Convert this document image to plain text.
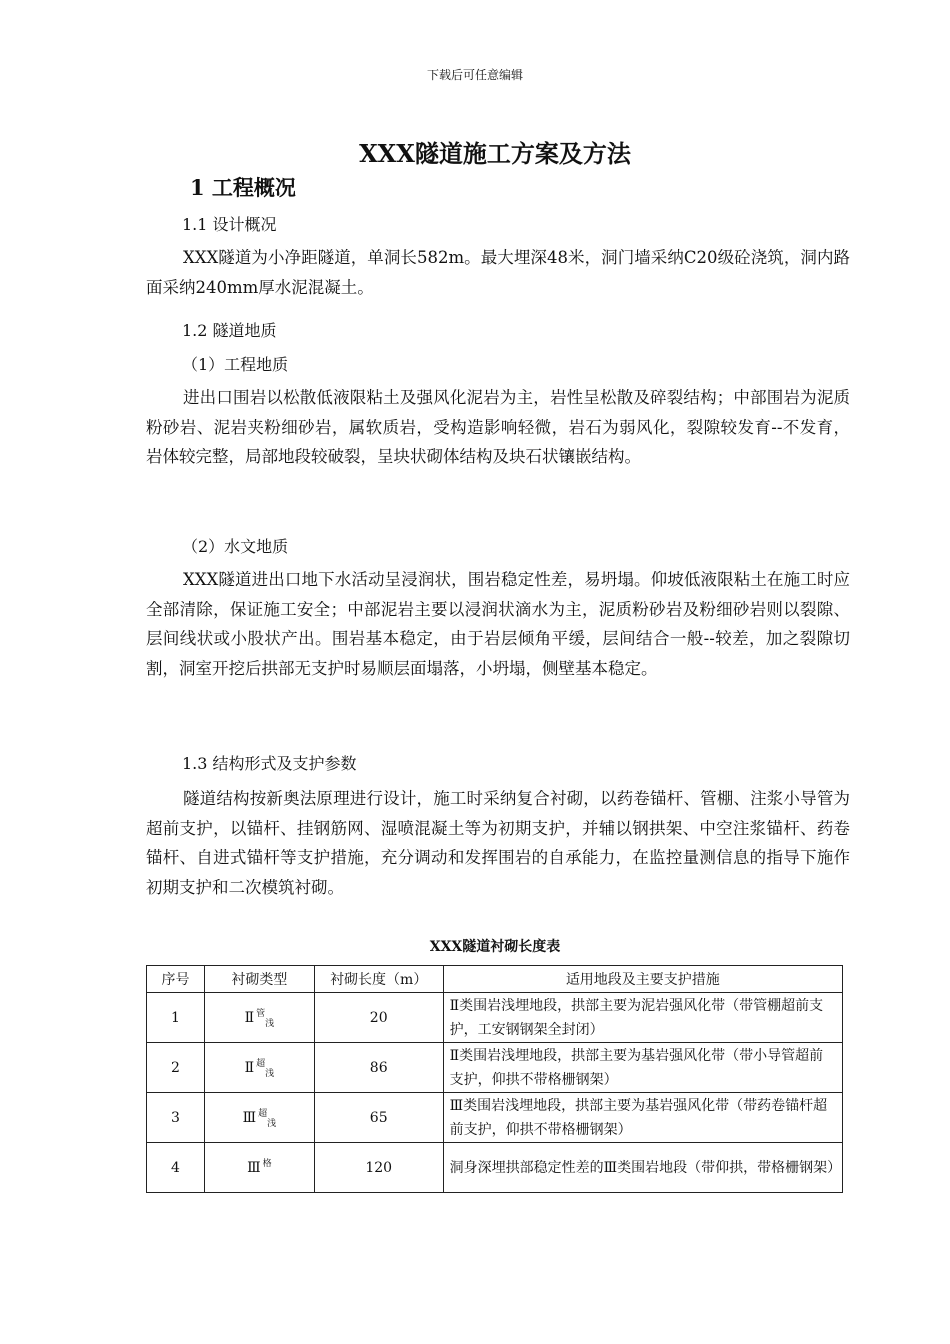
下载后可任意编辑
XXX隧道施工方案及方法
1 工程概况
1.1 设计概况
XXX隧道为小净距隧道，单洞长582m。最大埋深48米，洞门墙采纳C20级砼浇筑，洞内路面采纳240mm厚水泥混凝土。
1.2 隧道地质
（1）工程地质
进出口围岩以松散低液限粘土及强风化泥岩为主，岩性呈松散及碎裂结构；中部围岩为泥质粉砂岩、泥岩夹粉细砂岩，属软质岩，受构造影响轻微，岩石为弱风化，裂隙较发育--不发育，岩体较完整，局部地段较破裂，呈块状砌体结构及块石状镶嵌结构。
（2）水文地质
XXX隧道进出口地下水活动呈浸润状，围岩稳定性差，易坍塌。仰坡低液限粘土在施工时应全部清除，保证施工安全；中部泥岩主要以浸润状滴水为主，泥质粉砂岩及粉细砂岩则以裂隙、层间线状或小股状产出。围岩基本稳定，由于岩层倾角平缓，层间结合一般--较差，加之裂隙切割，洞室开挖后拱部无支护时易顺层面塌落，小坍塌，侧壁基本稳定。
1.3 结构形式及支护参数
隧道结构按新奥法原理进行设计，施工时采纳复合衬砌，以药卷锚杆、管棚、注浆小导管为超前支护，以锚杆、挂钢筋网、湿喷混凝土等为初期支护，并辅以钢拱架、中空注浆锚杆、药卷锚杆、自进式锚杆等支护措施，充分调动和发挥围岩的自承能力，在监控量测信息的指导下施作初期支护和二次模筑衬砌。
XXX隧道衬砌长度表
序号	衬砌类型	衬砌长度（m）	适用地段及主要支护措施
1	Ⅱ $^管_浅$	20	Ⅱ类围岩浅埋地段，拱部主要为泥岩强风化带（带管棚超前支护，工安钢钢架全封闭）
2	Ⅱ $^超_浅$	86	Ⅱ类围岩浅埋地段，拱部主要为基岩强风化带（带小导管超前支护，仰拱不带格栅钢架）
3	Ⅲ $^超_浅$	65	Ⅲ类围岩浅埋地段，拱部主要为基岩强风化带（带药卷锚杆超前支护，仰拱不带格栅钢架）
4	Ⅲ $^格$	120	洞身深埋拱部稳定性差的Ⅲ类围岩地段（带仰拱，带格栅钢架）
